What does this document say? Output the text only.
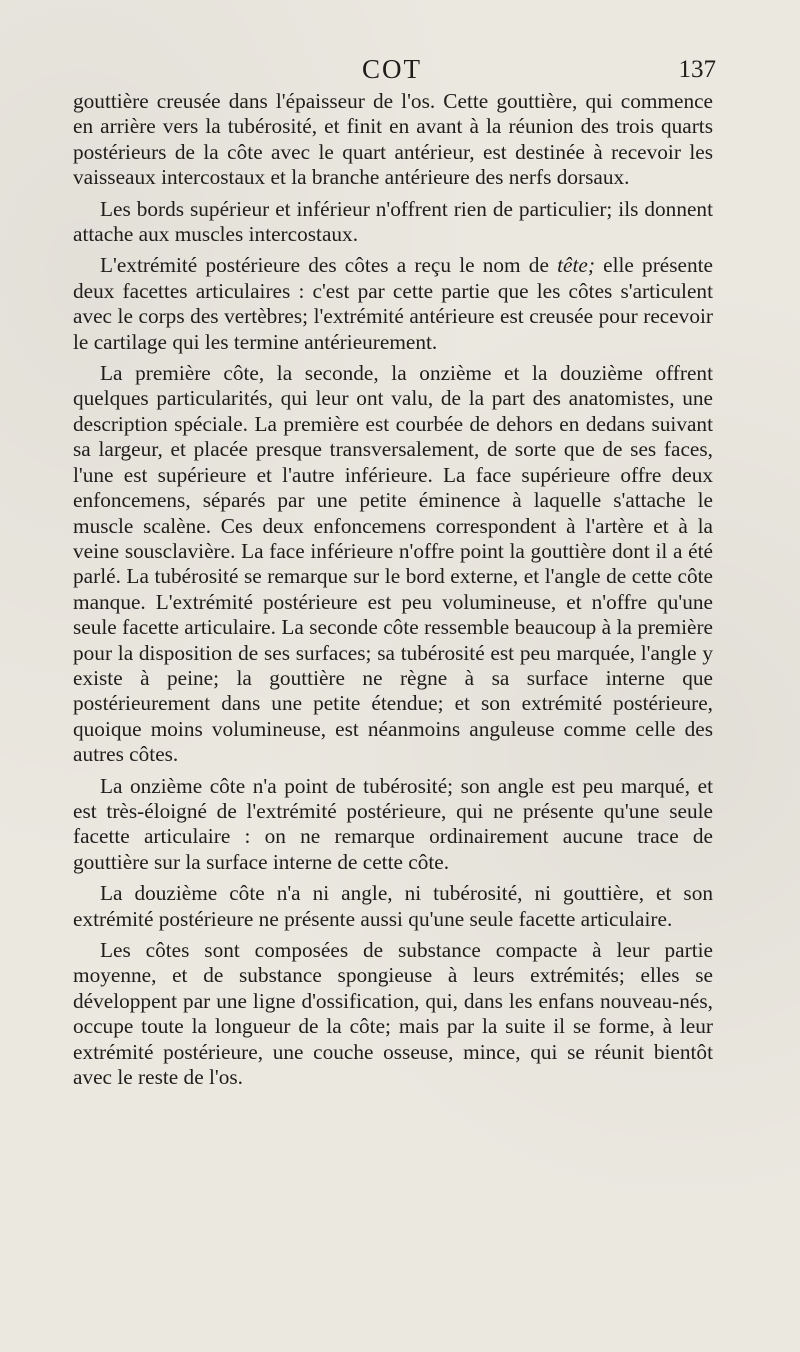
COT	137

gouttière creusée dans l'épaisseur de l'os. Cette gouttière, qui commence en arrière vers la tubérosité, et finit en avant à la réunion des trois quarts postérieurs de la côte avec le quart antérieur, est destinée à recevoir les vaisseaux intercostaux et la branche antérieure des nerfs dorsaux.

Les bords supérieur et inférieur n'offrent rien de particulier; ils donnent attache aux muscles intercostaux.

L'extrémité postérieure des côtes a reçu le nom de tête; elle présente deux facettes articulaires : c'est par cette partie que les côtes s'articulent avec le corps des vertèbres; l'extrémité antérieure est creusée pour recevoir le cartilage qui les termine antérieurement.

La première côte, la seconde, la onzième et la douzième offrent quelques particularités, qui leur ont valu, de la part des anatomistes, une description spéciale. La première est courbée de dehors en dedans suivant sa largeur, et placée presque transversalement, de sorte que de ses faces, l'une est supérieure et l'autre inférieure. La face supérieure offre deux enfoncemens, séparés par une petite éminence à laquelle s'attache le muscle scalène. Ces deux enfoncemens correspondent à l'artère et à la veine sousclavière. La face inférieure n'offre point la gouttière dont il a été parlé. La tubérosité se remarque sur le bord externe, et l'angle de cette côte manque. L'extrémité postérieure est peu volumineuse, et n'offre qu'une seule facette articulaire. La seconde côte ressemble beaucoup à la première pour la disposition de ses surfaces; sa tubérosité est peu marquée, l'angle y existe à peine; la gouttière ne règne à sa surface interne que postérieurement dans une petite étendue; et son extrémité postérieure, quoique moins volumineuse, est néanmoins anguleuse comme celle des autres côtes.

La onzième côte n'a point de tubérosité; son angle est peu marqué, et est très-éloigné de l'extrémité postérieure, qui ne présente qu'une seule facette articulaire : on ne remarque ordinairement aucune trace de gouttière sur la surface interne de cette côte.

La douzième côte n'a ni angle, ni tubérosité, ni gouttière, et son extrémité postérieure ne présente aussi qu'une seule facette articulaire.

Les côtes sont composées de substance compacte à leur partie moyenne, et de substance spongieuse à leurs extrémités; elles se développent par une ligne d'ossification, qui, dans les enfans nouveau-nés, occupe toute la longueur de la côte; mais par la suite il se forme, à leur extrémité postérieure, une couche osseuse, mince, qui se réunit bientôt avec le reste de l'os.
